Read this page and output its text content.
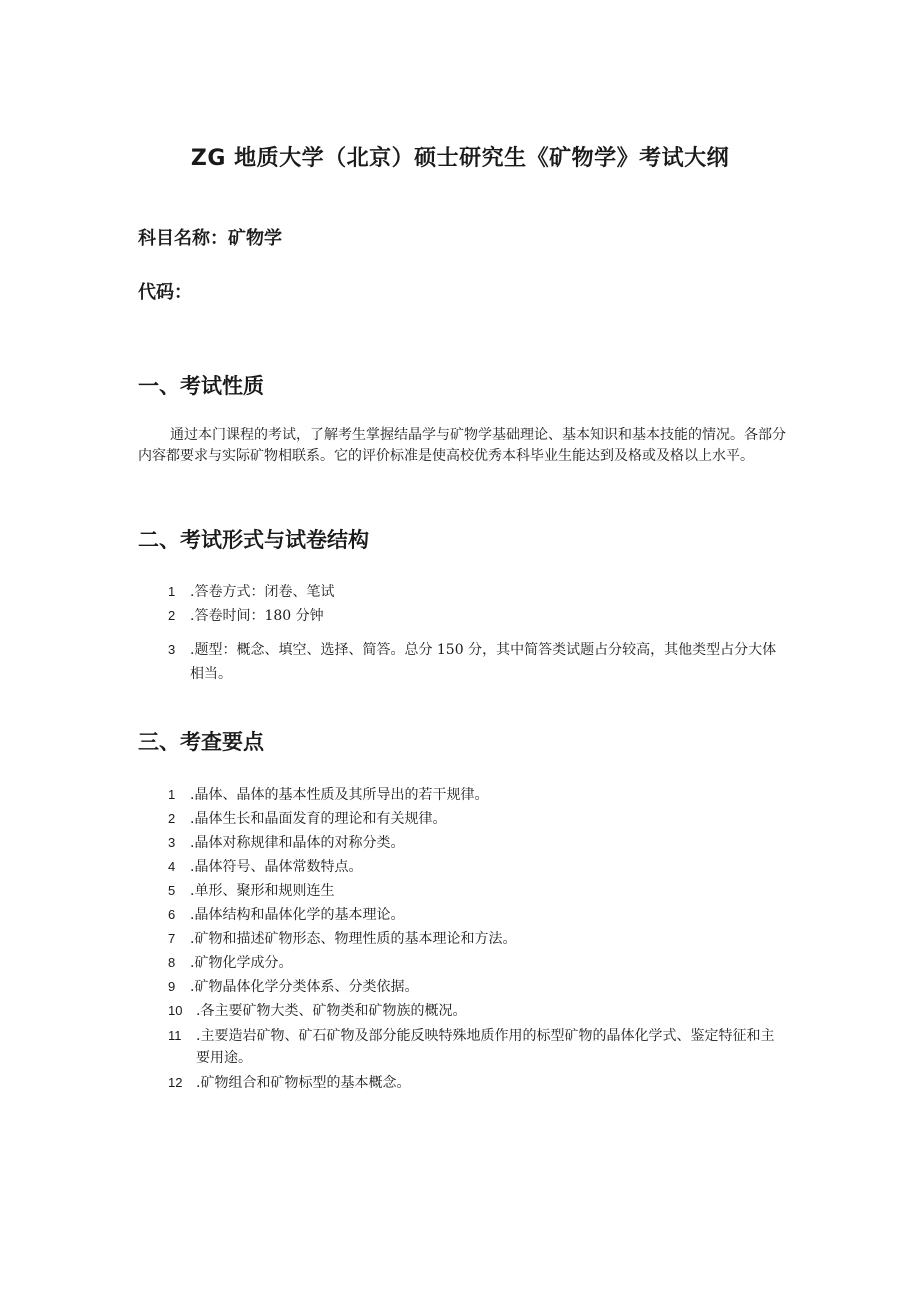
ZG 地质大学（北京）硕士研究生《矿物学》考试大纲
科目名称：矿物学
代码：
一、考试性质

通过本门课程的考试，了解考生掌握结晶学与矿物学基础理论、基本知识和基本技能的情况。各部分内容都要求与实际矿物相联系。它的评价标准是使高校优秀本科毕业生能达到及格或及格以上水平。

二、考试形式与试卷结构
1 .答卷方式：闭卷、笔试
2 .答卷时间：180 分钟
3 .题型：概念、填空、选择、简答。总分 150 分，其中简答类试题占分较高，其他类型占分大体相当。
三、考查要点
1 .晶体、晶体的基本性质及其所导出的若干规律。
2 .晶体生长和晶面发育的理论和有关规律。
3 .晶体对称规律和晶体的对称分类。
4 .晶体符号、晶体常数特点。
5 .单形、聚形和规则连生
6 .晶体结构和晶体化学的基本理论。
7 .矿物和描述矿物形态、物理性质的基本理论和方法。
8 .矿物化学成分。
9 .矿物晶体化学分类体系、分类依据。
10 .各主要矿物大类、矿物类和矿物族的概况。
11 .主要造岩矿物、矿石矿物及部分能反映特殊地质作用的标型矿物的晶体化学式、鉴定特征和主要用途。
12 .矿物组合和矿物标型的基本概念。
